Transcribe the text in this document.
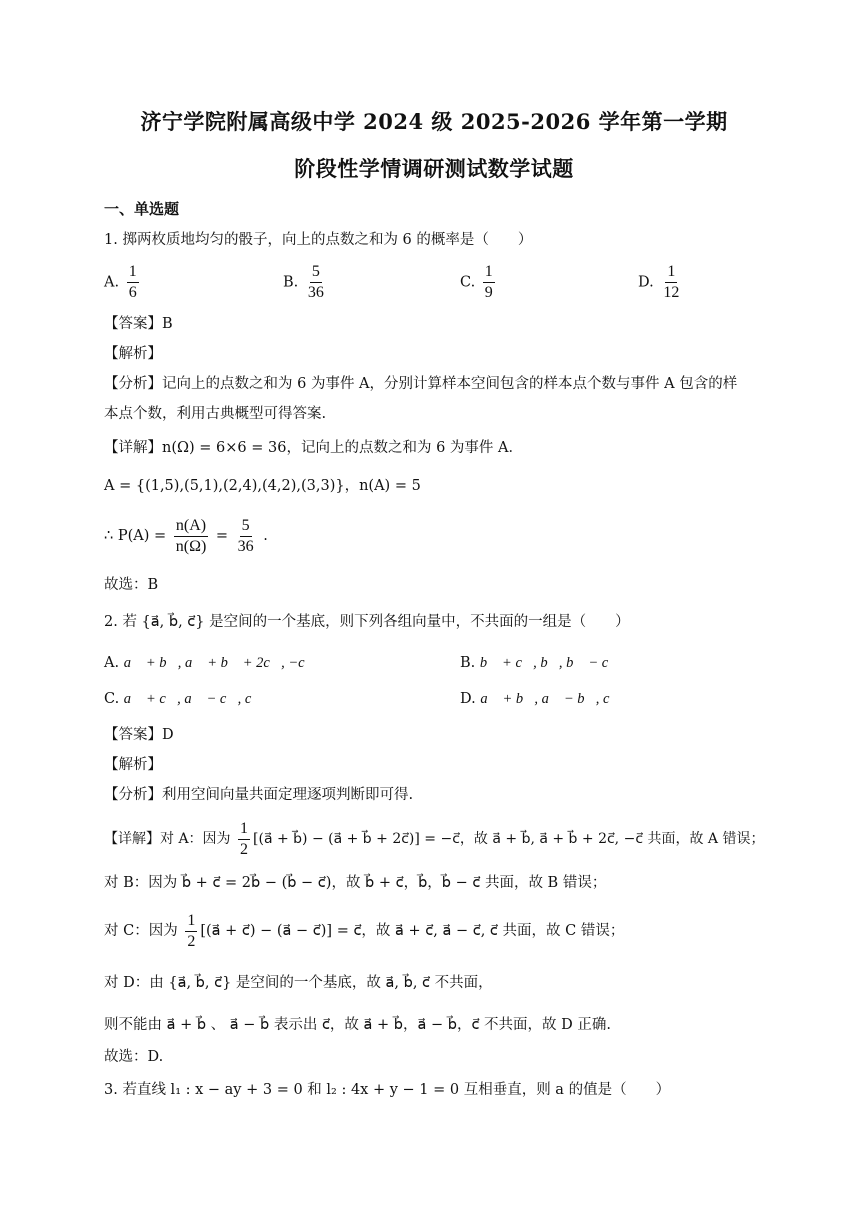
济宁学院附属高级中学 2024 级 2025-2026 学年第一学期
阶段性学情调研测试数学试题
一、单选题
1. 掷两枚质地均匀的骰子，向上的点数之和为 6 的概率是（　　）
A. $\frac{1}{6}$	B. $\frac{5}{36}$	C. $\frac{1}{9}$	D. $\frac{1}{12}$
【答案】B
【解析】
【分析】记向上的点数之和为 6 为事件 A，分别计算样本空间包含的样本点个数与事件 A 包含的样
本点个数，利用古典概型可得答案.
【详解】n(Ω) = 6×6 = 36，记向上的点数之和为 6 为事件 A．
A = {(1,5),(5,1),(2,4),(4,2),(3,3)}，n(A) = 5
∴ $P(A) = \frac{n(A)}{n(\Omega)} = \frac{5}{36}$ .
故选：B
2. 若 {a⃗, b⃗, c⃗} 是空间的一个基底，则下列各组向量中，不共面的一组是（　　）
A. a⃗ + b⃗, a⃗ + b⃗ + 2c⃗, −c⃗	B. b⃗ + c⃗, b⃗, b⃗ − c⃗
C. a⃗ + c⃗, a⃗ − c⃗, c⃗	D. a⃗ + b⃗, a⃗ − b⃗, c⃗
【答案】D
【解析】
【分析】利用空间向量共面定理逐项判断即可得.
【详解】对 A：因为 $\frac{1}{2}$ [(a⃗ + b⃗) − (a⃗ + b⃗ + 2c⃗)] = −c⃗，故 a⃗ + b⃗, a⃗ + b⃗ + 2c⃗, −c⃗ 共面，故 A 错误；
对 B：因为 b⃗ + c⃗ = 2b⃗ − (b⃗ − c⃗)，故 b⃗ + c⃗，b⃗，b⃗ − c⃗ 共面，故 B 错误；
对 C：因为 $\frac{1}{2}$ [(a⃗ + c⃗) − (a⃗ − c⃗)] = c⃗，故 a⃗ + c⃗, a⃗ − c⃗, c⃗ 共面，故 C 错误；
对 D：由 {a⃗, b⃗, c⃗} 是空间的一个基底，故 a⃗, b⃗, c⃗ 不共面，
则不能由 a⃗ + b⃗ 、 a⃗ − b⃗ 表示出 c⃗，故 a⃗ + b⃗，a⃗ − b⃗，c⃗ 不共面，故 D 正确.
故选：D.
3. 若直线 l₁ : x − ay + 3 = 0 和 l₂ : 4x + y − 1 = 0 互相垂直，则 a 的值是（　　）
